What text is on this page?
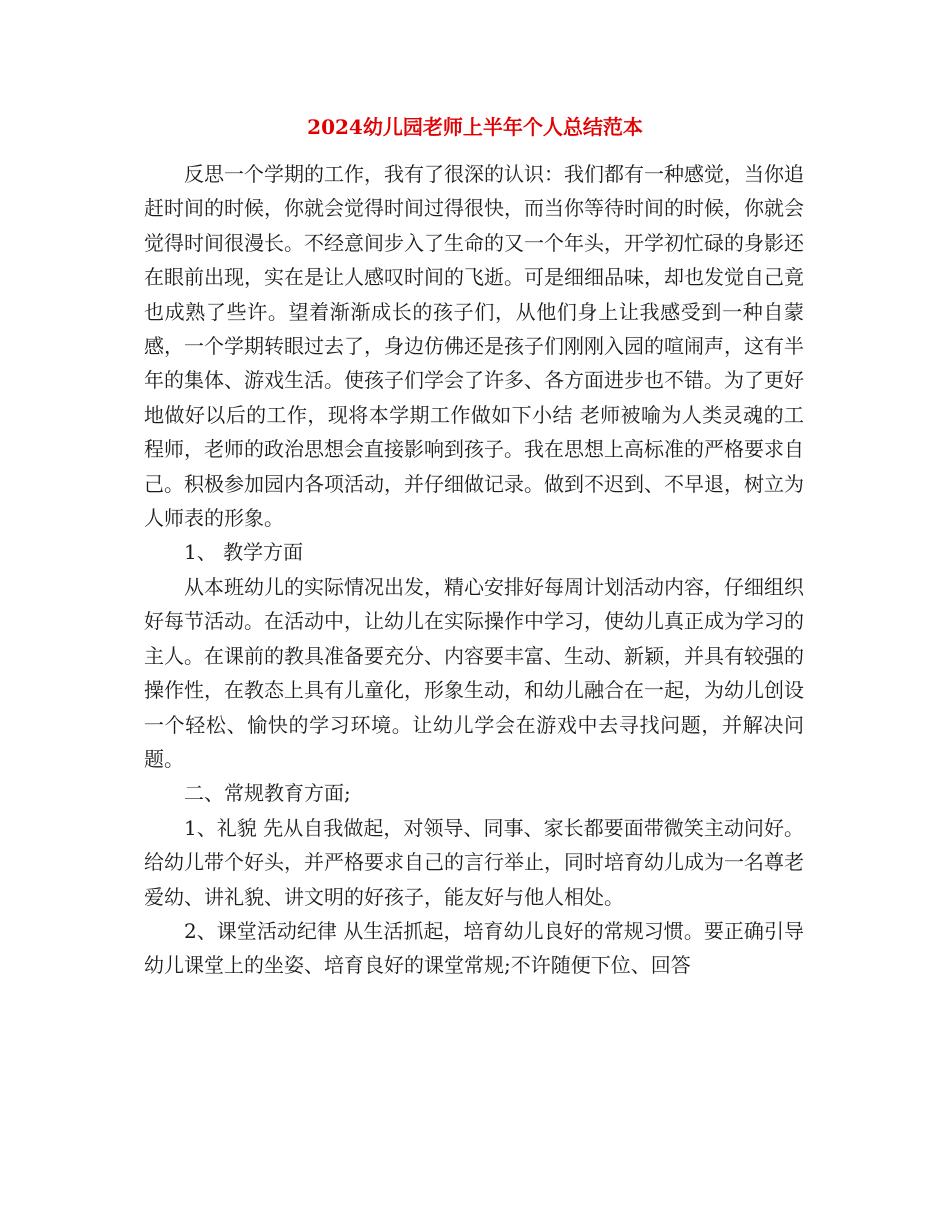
2024幼儿园老师上半年个人总结范本

反思一个学期的工作，我有了很深的认识：我们都有一种感觉，当你追赶时间的时候，你就会觉得时间过得很快，而当你等待时间的时候，你就会觉得时间很漫长。不经意间步入了生命的又一个年头，开学初忙碌的身影还在眼前出现，实在是让人感叹时间的飞逝。可是细细品味，却也发觉自己竟也成熟了些许。望着渐渐成长的孩子们，从他们身上让我感受到一种自蒙感，一个学期转眼过去了，身边仿佛还是孩子们刚刚入园的喧闹声，这有半年的集体、游戏生活。使孩子们学会了许多、各方面进步也不错。为了更好地做好以后的工作，现将本学期工作做如下小结 老师被喻为人类灵魂的工程师，老师的政治思想会直接影响到孩子。我在思想上高标准的严格要求自己。积极参加园内各项活动，并仔细做记录。做到不迟到、不早退，树立为人师表的形象。

1、 教学方面

从本班幼儿的实际情况出发，精心安排好每周计划活动内容，仔细组织好每节活动。在活动中，让幼儿在实际操作中学习，使幼儿真正成为学习的主人。在课前的教具准备要充分、内容要丰富、生动、新颖，并具有较强的操作性，在教态上具有儿童化，形象生动，和幼儿融合在一起，为幼儿创设一个轻松、愉快的学习环境。让幼儿学会在游戏中去寻找问题，并解决问题。

二、常规教育方面;

1、礼貌 先从自我做起，对领导、同事、家长都要面带微笑主动问好。给幼儿带个好头，并严格要求自己的言行举止，同时培育幼儿成为一名尊老爱幼、讲礼貌、讲文明的好孩子，能友好与他人相处。

2、课堂活动纪律 从生活抓起，培育幼儿良好的常规习惯。要正确引导幼儿课堂上的坐姿、培育良好的课堂常规;不许随便下位、回答
